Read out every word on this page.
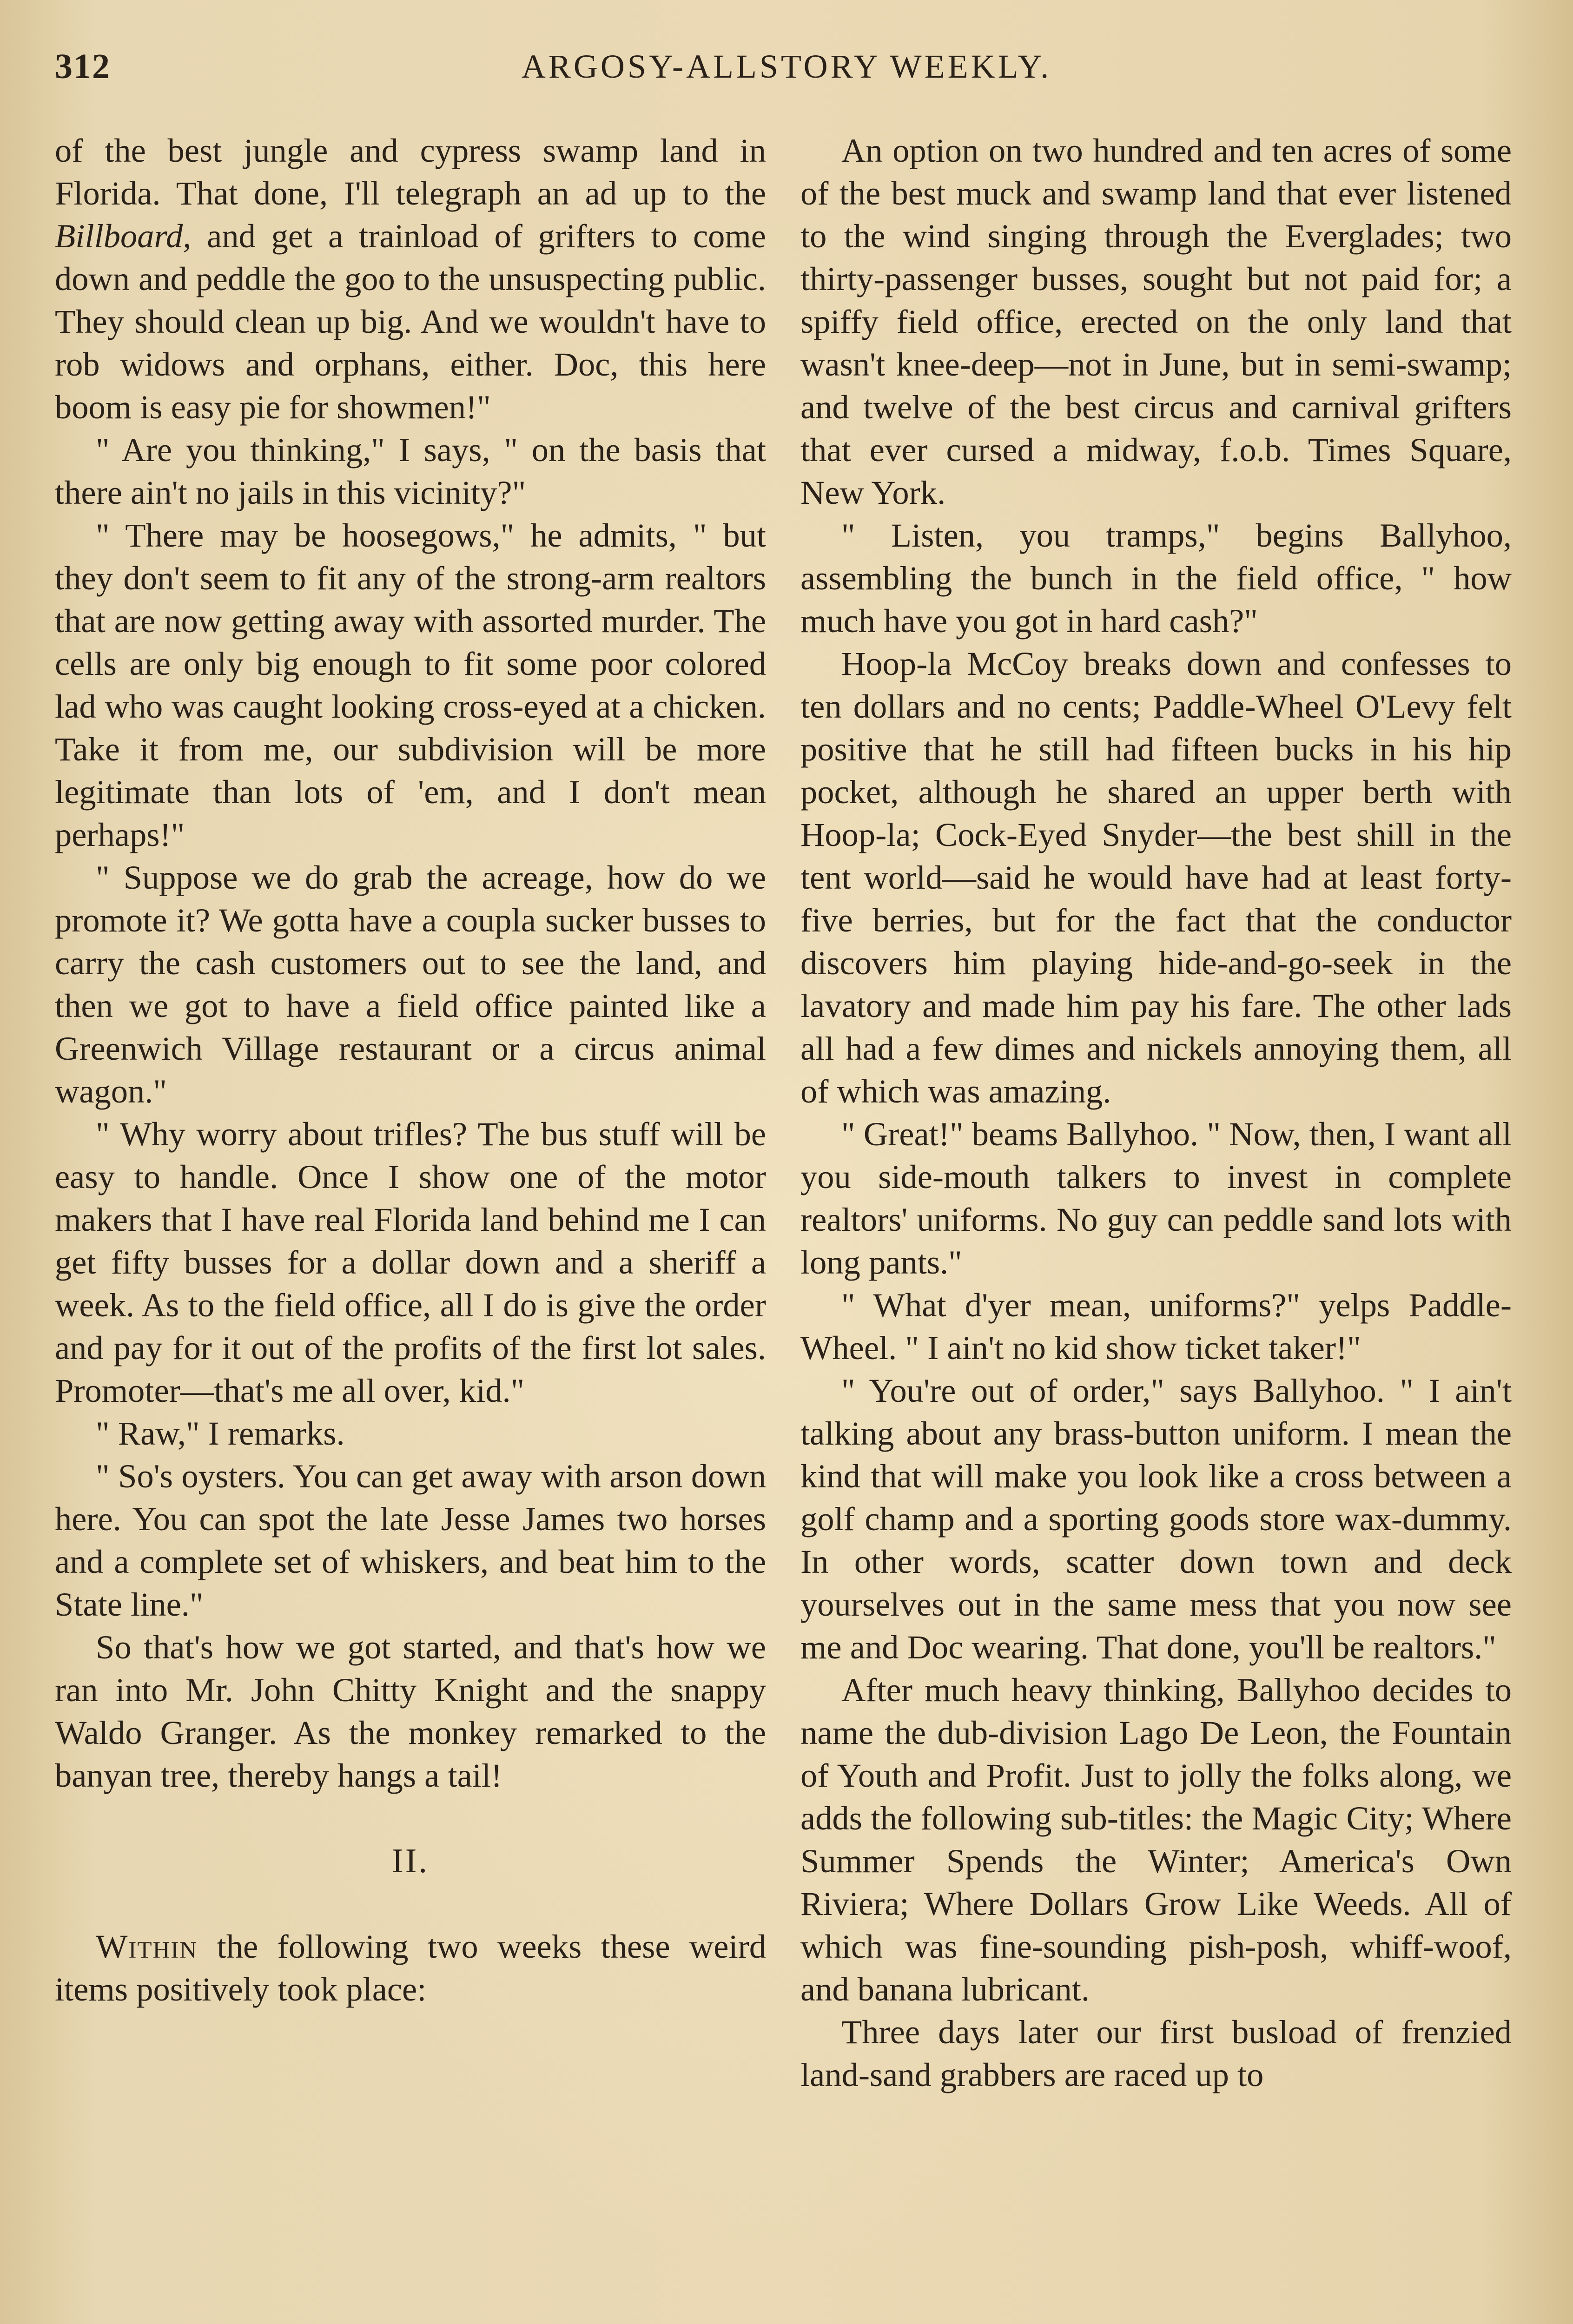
312	ARGOSY-ALLSTORY WEEKLY.

of the best jungle and cypress swamp land in Florida. That done, I'll telegraph an ad up to the Billboard, and get a trainload of grifters to come down and peddle the goo to the unsuspecting public. They should clean up big. And we wouldn't have to rob widows and orphans, either. Doc, this here boom is easy pie for showmen!"

" Are you thinking," I says, " on the basis that there ain't no jails in this vicinity?"

" There may be hoosegows," he admits, " but they don't seem to fit any of the strong-arm realtors that are now getting away with assorted murder. The cells are only big enough to fit some poor colored lad who was caught looking cross-eyed at a chicken. Take it from me, our subdivision will be more legitimate than lots of 'em, and I don't mean perhaps!"

" Suppose we do grab the acreage, how do we promote it? We gotta have a coupla sucker busses to carry the cash customers out to see the land, and then we got to have a field office painted like a Greenwich Village restaurant or a circus animal wagon."

" Why worry about trifles? The bus stuff will be easy to handle. Once I show one of the motor makers that I have real Florida land behind me I can get fifty busses for a dollar down and a sheriff a week. As to the field office, all I do is give the order and pay for it out of the profits of the first lot sales. Promoter—that's me all over, kid."

" Raw," I remarks.

" So's oysters. You can get away with arson down here. You can spot the late Jesse James two horses and a complete set of whiskers, and beat him to the State line."

So that's how we got started, and that's how we ran into Mr. John Chitty Knight and the snappy Waldo Granger. As the monkey remarked to the banyan tree, thereby hangs a tail!

II.

Within the following two weeks these weird items positively took place:

An option on two hundred and ten acres of some of the best muck and swamp land that ever listened to the wind singing through the Everglades; two thirty-passenger busses, sought but not paid for; a spiffy field office, erected on the only land that wasn't knee-deep—not in June, but in semi-swamp; and twelve of the best circus and carnival grifters that ever cursed a midway, f.o.b. Times Square, New York.

" Listen, you tramps," begins Ballyhoo, assembling the bunch in the field office, " how much have you got in hard cash?"

Hoop-la McCoy breaks down and confesses to ten dollars and no cents; Paddle-Wheel O'Levy felt positive that he still had fifteen bucks in his hip pocket, although he shared an upper berth with Hoop-la; Cock-Eyed Snyder—the best shill in the tent world—said he would have had at least forty-five berries, but for the fact that the conductor discovers him playing hide-and-go-seek in the lavatory and made him pay his fare. The other lads all had a few dimes and nickels annoying them, all of which was amazing.

" Great!" beams Ballyhoo. " Now, then, I want all you side-mouth talkers to invest in complete realtors' uniforms. No guy can peddle sand lots with long pants."

" What d'yer mean, uniforms?" yelps Paddle-Wheel. " I ain't no kid show ticket taker!"

" You're out of order," says Ballyhoo. " I ain't talking about any brass-button uniform. I mean the kind that will make you look like a cross between a golf champ and a sporting goods store wax-dummy. In other words, scatter down town and deck yourselves out in the same mess that you now see me and Doc wearing. That done, you'll be realtors."

After much heavy thinking, Ballyhoo decides to name the dub-division Lago De Leon, the Fountain of Youth and Profit. Just to jolly the folks along, we adds the following sub-titles: the Magic City; Where Summer Spends the Winter; America's Own Riviera; Where Dollars Grow Like Weeds. All of which was fine-sounding pish-posh, whiff-woof, and banana lubricant.

Three days later our first busload of frenzied land-sand grabbers are raced up to
